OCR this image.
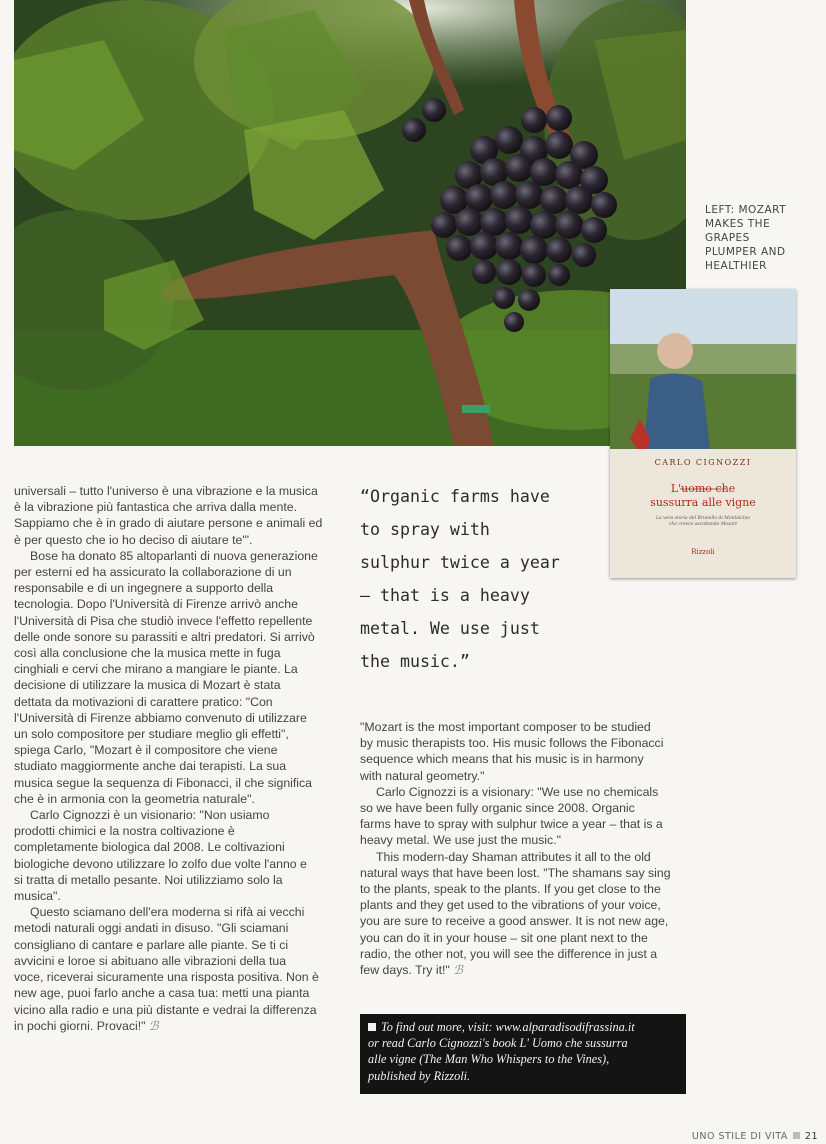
LEFT: MOZART
MAKES THE
GRAPES
PLUMPER AND
HEALTHIER
CARLO CIGNOZZI
L'uomo che
sussurra alle vigne
La vera storia del Brunello di Montalcino
che cresce ascoltando Mozart
Rizzoli

universali – tutto l'universo è una vibrazione e la musica

è la vibrazione più fantastica che arriva dalla mente.

Sappiamo che è in grado di aiutare persone e animali ed

è per questo che io ho deciso di aiutare te'".

Bose ha donato 85 altoparlanti di nuova generazione

per esterni ed ha assicurato la collaborazione di un

responsabile e di un ingegnere a supporto della

tecnologia. Dopo l'Università di Firenze arrivò anche

l'Università di Pisa che studiò invece l'effetto repellente

delle onde sonore su parassiti e altri predatori. Si arrivò

così alla conclusione che la musica mette in fuga

cinghiali e cervi che mirano a mangiare le piante. La

decisione di utilizzare la musica di Mozart è stata

dettata da motivazioni di carattere pratico: "Con

l'Università di Firenze abbiamo convenuto di utilizzare

un solo compositore per studiare meglio gli effetti",

spiega Carlo, "Mozart è il compositore che viene

studiato maggiormente anche dai terapisti. La sua

musica segue la sequenza di Fibonacci, il che significa

che è in armonia con la geometria naturale".

Carlo Cignozzi è un visionario: "Non usiamo

prodotti chimici e la nostra coltivazione è

completamente biologica dal 2008. Le coltivazioni

biologiche devono utilizzare lo zolfo due volte l'anno e

si tratta di metallo pesante. Noi utilizziamo solo la

musica".

Questo sciamano dell'era moderna si rifà ai vecchi

metodi naturali oggi andati in disuso. "Gli sciamani

consigliano di cantare e parlare alle piante. Se ti ci

avvicini e loroe si abituano alle vibrazioni della tua

voce, riceverai sicuramente una risposta positiva. Non è

new age, puoi farlo anche a casa tua: metti una pianta

vicino alla radio e una più distante e vedrai la differenza

in pochi giorni. Provaci!" ℬ

“Organic farms have
to spray with
sulphur twice a year
– that is a heavy
metal. We use just
the music.”

"Mozart is the most important composer to be studied

by music therapists too. His music follows the Fibonacci

sequence which means that his music is in harmony

with natural geometry."

Carlo Cignozzi is a visionary: "We use no chemicals

so we have been fully organic since 2008. Organic

farms have to spray with sulphur twice a year – that is a

heavy metal. We use just the music."

This modern-day Shaman attributes it all to the old

natural ways that have been lost. "The shamans say sing

to the plants, speak to the plants. If you get close to the

plants and they get used to the vibrations of your voice,

you are sure to receive a good answer. It is not new age,

you can do it in your house – sit one plant next to the

radio, the other not, you will see the difference in just a

few days. Try it!" ℬ

To find out more, visit: www.alparadisodifrassina.it
or read Carlo Cignozzi's book L' Uomo che sussurra
alle vigne (The Man Who Whispers to the Vines),
published by Rizzoli.
UNO STILE DI VITA 21
